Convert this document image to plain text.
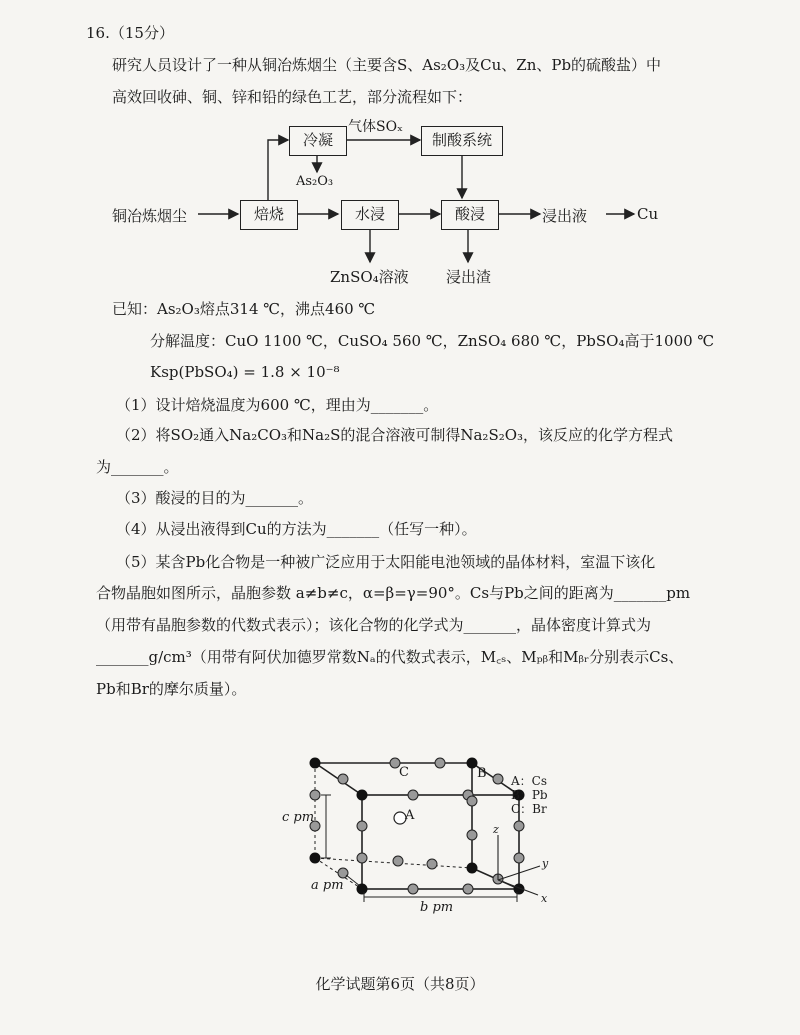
16.（15分）
研究人员设计了一种从铜冶炼烟尘（主要含S、As₂O₃及Cu、Zn、Pb的硫酸盐）中
高效回收砷、铜、锌和铅的绿色工艺，部分流程如下：
铜冶炼烟尘	焙烧
冷凝
气体SOₓ
制酸系统
As₂O₃
水浸	酸浸	浸出液	Cu
ZnSO₄溶液 浸出渣
已知：As₂O₃熔点314 ℃，沸点460 ℃
分解温度：CuO 1100 ℃，CuSO₄ 560 ℃，ZnSO₄ 680 ℃，PbSO₄高于1000 ℃
Ksp(PbSO₄) = 1.8 × 10⁻⁸
（1）设计焙烧温度为600 ℃，理由为_______。
（2）将SO₂通入Na₂CO₃和Na₂S的混合溶液可制得Na₂S₂O₃，该反应的化学方程式
为_______。
（3）酸浸的目的为_______。
（4）从浸出液得到Cu的方法为_______（任写一种）。
（5）某含Pb化合物是一种被广泛应用于太阳能电池领域的晶体材料，室温下该化
合物晶胞如图所示，晶胞参数 a≠b≠c，α=β=γ=90°。Cs与Pb之间的距离为_______pm
（用带有晶胞参数的代数式表示）；该化合物的化学式为_______，晶体密度计算式为
_______g/cm³（用带有阿伏加德罗常数Nₐ的代数式表示，M꜀ₛ、Mₚᵦ和Mᵦᵣ分别表示Cs、
Pb和Br的摩尔质量）。
A
B
C
A：Cs
B：Pb
C：Br
c pm
a pm
b pm
x
y
z
化学试题第6页（共8页）
